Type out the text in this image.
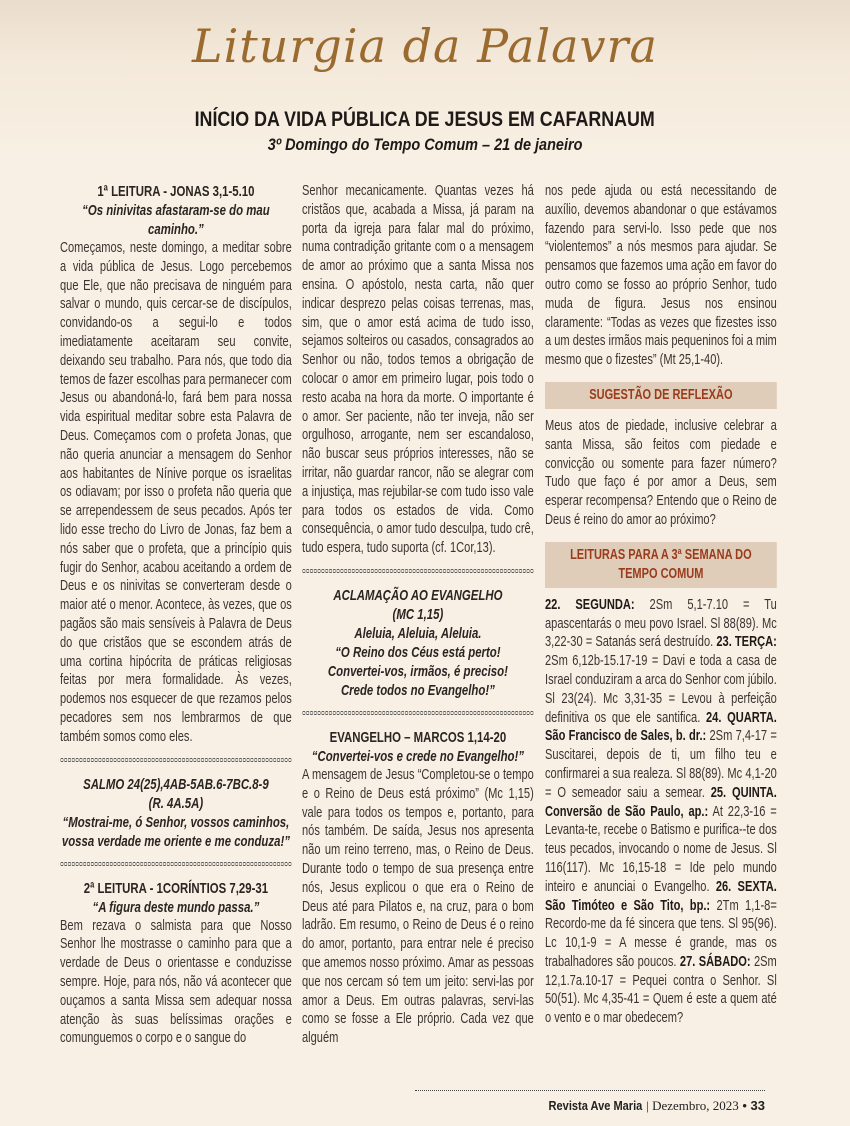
Liturgia da Palavra
INÍCIO DA VIDA PÚBLICA DE JESUS EM CAFARNAUM
3º Domingo do Tempo Comum – 21 de janeiro
1ª LEITURA - JONAS 3,1-5.10
“Os ninivitas afastaram-se do mau caminho.”

Começamos, neste domingo, a meditar sobre a vida pública de Jesus. Logo percebemos que Ele, que não precisava de ninguém para salvar o mundo, quis cercar-se de discípulos, convidando-os a segui-lo e todos imediatamente aceitaram seu convite, deixando seu trabalho. Para nós, que todo dia temos de fazer escolhas para permanecer com Jesus ou abandoná-lo, fará bem para nossa vida espiritual meditar sobre esta Palavra de Deus. Começamos com o profeta Jonas, que não queria anunciar a mensagem do Senhor aos habitantes de Nínive porque os israelitas os odiavam; por isso o profeta não queria que se arrependessem de seus pecados. Após ter lido esse trecho do Livro de Jonas, faz bem a nós saber que o profeta, que a princípio quis fugir do Senhor, acabou aceitando a ordem de Deus e os ninivitas se converteram desde o maior até o menor. Acontece, às vezes, que os pagãos são mais sensíveis à Palavra de Deus do que cristãos que se escondem atrás de uma cortina hipócrita de práticas religiosas feitas por mera formalidade. Às vezes, podemos nos esquecer de que rezamos pelos pecadores sem nos lembrarmos de que também somos como eles.

SALMO 24(25),4AB-5AB.6-7BC.8-9 (R. 4A.5A)
“Mostrai-me, ó Senhor, vossos caminhos, vossa verdade me oriente e me conduza!”
2ª LEITURA - 1CORÍNTIOS 7,29-31
“A figura deste mundo passa.”

Bem rezava o salmista para que Nosso Senhor lhe mostrasse o caminho para que a verdade de Deus o orientasse e conduzisse sempre. Hoje, para nós, não vá acontecer que ouçamos a santa Missa sem adequar nossa atenção às suas belíssimas orações e comunguemos o corpo e o sangue do

Senhor mecanicamente. Quantas vezes há cristãos que, acabada a Missa, já param na porta da igreja para falar mal do próximo, numa contradição gritante com o a mensagem de amor ao próximo que a santa Missa nos ensina. O apóstolo, nesta carta, não quer indicar desprezo pelas coisas terrenas, mas, sim, que o amor está acima de tudo isso, sejamos solteiros ou casados, consagrados ao Senhor ou não, todos temos a obrigação de colocar o amor em primeiro lugar, pois todo o resto acaba na hora da morte. O importante é o amor. Ser paciente, não ter inveja, não ser orgulhoso, arrogante, nem ser escandaloso, não buscar seus próprios interesses, não se irritar, não guardar rancor, não se alegrar com a injustiça, mas rejubilar-se com tudo isso vale para todos os estados de vida. Como consequência, o amor tudo desculpa, tudo crê, tudo espera, tudo suporta (cf. 1Cor,13).

ACLAMAÇÃO AO EVANGELHO (MC 1,15)
Aleluia, Aleluia, Aleluia.
“O Reino dos Céus está perto!
Convertei-vos, irmãos, é preciso!
Crede todos no Evangelho!”
EVANGELHO – MARCOS 1,14-20
“Convertei-vos e crede no Evangelho!”

A mensagem de Jesus “Completou-se o tempo e o Reino de Deus está próximo” (Mc 1,15) vale para todos os tempos e, portanto, para nós também. De saída, Jesus nos apresenta não um reino terreno, mas, o Reino de Deus. Durante todo o tempo de sua presença entre nós, Jesus explicou o que era o Reino de Deus até para Pilatos e, na cruz, para o bom ladrão. Em resumo, o Reino de Deus é o reino do amor, portanto, para entrar nele é preciso que amemos nosso próximo. Amar as pessoas que nos cercam só tem um jeito: servi-las por amor a Deus. Em outras palavras, servi-las como se fosse a Ele próprio. Cada vez que alguém

nos pede ajuda ou está necessitando de auxílio, devemos abandonar o que estávamos fazendo para servi-lo. Isso pede que nos “violentemos” a nós mesmos para ajudar. Se pensamos que fazemos uma ação em favor do outro como se fosso ao próprio Senhor, tudo muda de figura. Jesus nos ensinou claramente: “Todas as vezes que fizestes isso a um destes irmãos mais pequeninos foi a mim mesmo que o fizestes” (Mt 25,1-40).

SUGESTÃO DE REFLEXÃO

Meus atos de piedade, inclusive celebrar a santa Missa, são feitos com piedade e convicção ou somente para fazer número? Tudo que faço é por amor a Deus, sem esperar recompensa? Entendo que o Reino de Deus é reino do amor ao próximo?

LEITURAS PARA A 3ª SEMANA DO TEMPO COMUM

22. SEGUNDA: 2Sm 5,1-7.10 = Tu apascentarás o meu povo Israel. Sl 88(89). Mc 3,22-30 = Satanás será destruído. 23. TERÇA: 2Sm 6,12b-15.17-19 = Davi e toda a casa de Israel conduziram a arca do Senhor com júbilo. Sl 23(24). Mc 3,31-35 = Levou à perfeição definitiva os que ele santifica. 24. QUARTA. São Francisco de Sales, b. dr.: 2Sm 7,4-17 = Suscitarei, depois de ti, um filho teu e confirmarei a sua realeza. Sl 88(89). Mc 4,1-20 = O semeador saiu a semear. 25. QUINTA. Conversão de São Paulo, ap.: At 22,3-16 = Levanta-te, recebe o Batismo e purifica--te dos teus pecados, invocando o nome de Jesus. Sl 116(117). Mc 16,15-18 = Ide pelo mundo inteiro e anunciai o Evangelho. 26. SEXTA. São Timóteo e São Tito, bp.: 2Tm 1,1-8= Recordo-me da fé sincera que tens. Sl 95(96). Lc 10,1-9 = A messe é grande, mas os trabalhadores são poucos. 27. SÁBADO: 2Sm 12,1.7a.10-17 = Pequei contra o Senhor. Sl 50(51). Mc 4,35-41 = Quem é este a quem até o vento e o mar obedecem?

Revista Ave Maria | Dezembro, 2023 • 33
